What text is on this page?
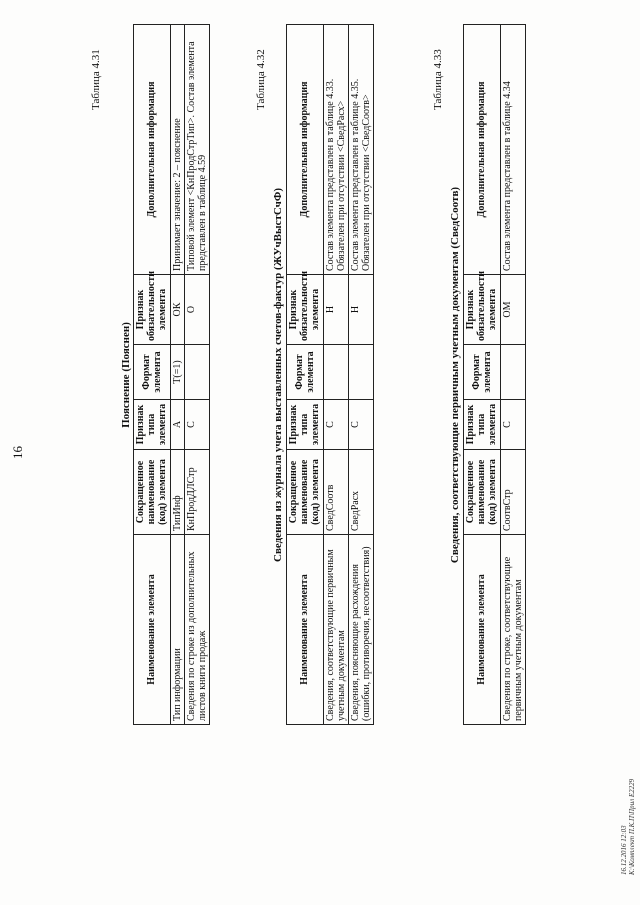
16
Таблица 4.31
Пояснение (Пояснен)
Наименование элемента	Сокращенное наименование (код) элемента	Признак типа элемента	Формат элемента	Признак обязательности элемента	Дополнительная информация
Тип информации	ТипИнф	А	Т(=1)	ОК	Принимает значение: 2 – пояснение
Сведения по строке из дополнительных листов книги продаж	КнПродДЛСтр	С		О	Типовой элемент <КнПродСтрТип>. Состав элемента представлен в таблице 4.59
Таблица 4.32
Сведения из журнала учета выставленных счетов-фактур (ЖУчВыстСчФ)
Наименование элемента	Сокращенное наименование (код) элемента	Признак типа элемента	Формат элемента	Признак обязательности элемента	Дополнительная информация
Сведения, соответствующие первичным учетным документам	СведСоотв	С		Н	Состав элемента представлен в таблице 4.33. Обязателен при отсутствии <СведРасх>
Сведения, поясняющие расхождения (ошибки, противоречия, несоответствия)	СведРасх	С		Н	Состав элемента представлен в таблице 4.35. Обязателен при отсутствии <СведСоотв>
Таблица 4.33
Сведения, соответствующие первичным учетным документам (СведСоотв)
Наименование элемента	Сокращенное наименование (код) элемента	Признак типа элемента	Формат элемента	Признак обязательности элемента	Дополнительная информация
Сведения по строке, соответствующие первичным учетным документам	СоотвСтр	С		ОМ	Состав элемента представлен в таблице 4.34
16.12.2016 12:03 К:\Комплект П.К.П\Прил Е2229
